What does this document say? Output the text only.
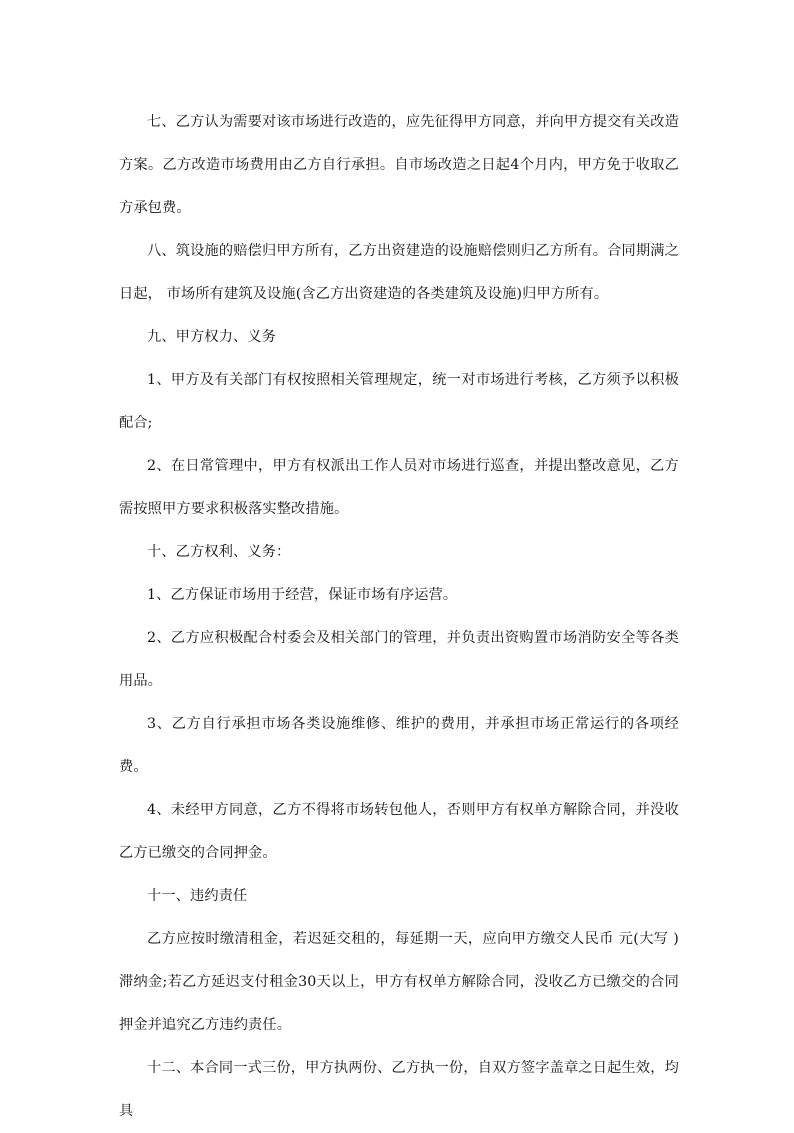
七、乙方认为需要对该市场进行改造的，应先征得甲方同意，并向甲方提交有关改造方案。乙方改造市场费用由乙方自行承担。自市场改造之日起4个月内，甲方免于收取乙方承包费。

八、筑设施的赔偿归甲方所有，乙方出资建造的设施赔偿则归乙方所有。合同期满之日起， 市场所有建筑及设施(含乙方出资建造的各类建筑及设施)归甲方所有。

九、甲方权力、义务

1、甲方及有关部门有权按照相关管理规定，统一对市场进行考核，乙方须予以积极配合;

2、在日常管理中，甲方有权派出工作人员对市场进行巡查，并提出整改意见，乙方需按照甲方要求积极落实整改措施。

十、乙方权利、义务：

1、乙方保证市场用于经营，保证市场有序运营。

2、乙方应积极配合村委会及相关部门的管理，并负责出资购置市场消防安全等各类用品。

3、乙方自行承担市场各类设施维修、维护的费用，并承担市场正常运行的各项经费。

4、未经甲方同意，乙方不得将市场转包他人，否则甲方有权单方解除合同，并没收乙方已缴交的合同押金。

十一、违约责任

乙方应按时缴清租金，若迟延交租的，每延期一天，应向甲方缴交人民币 元(大写 )滞纳金;若乙方延迟支付租金30天以上，甲方有权单方解除合同，没收乙方已缴交的合同押金并追究乙方违约责任。

十二、本合同一式三份，甲方执两份、乙方执一份，自双方签字盖章之日起生效，均具
